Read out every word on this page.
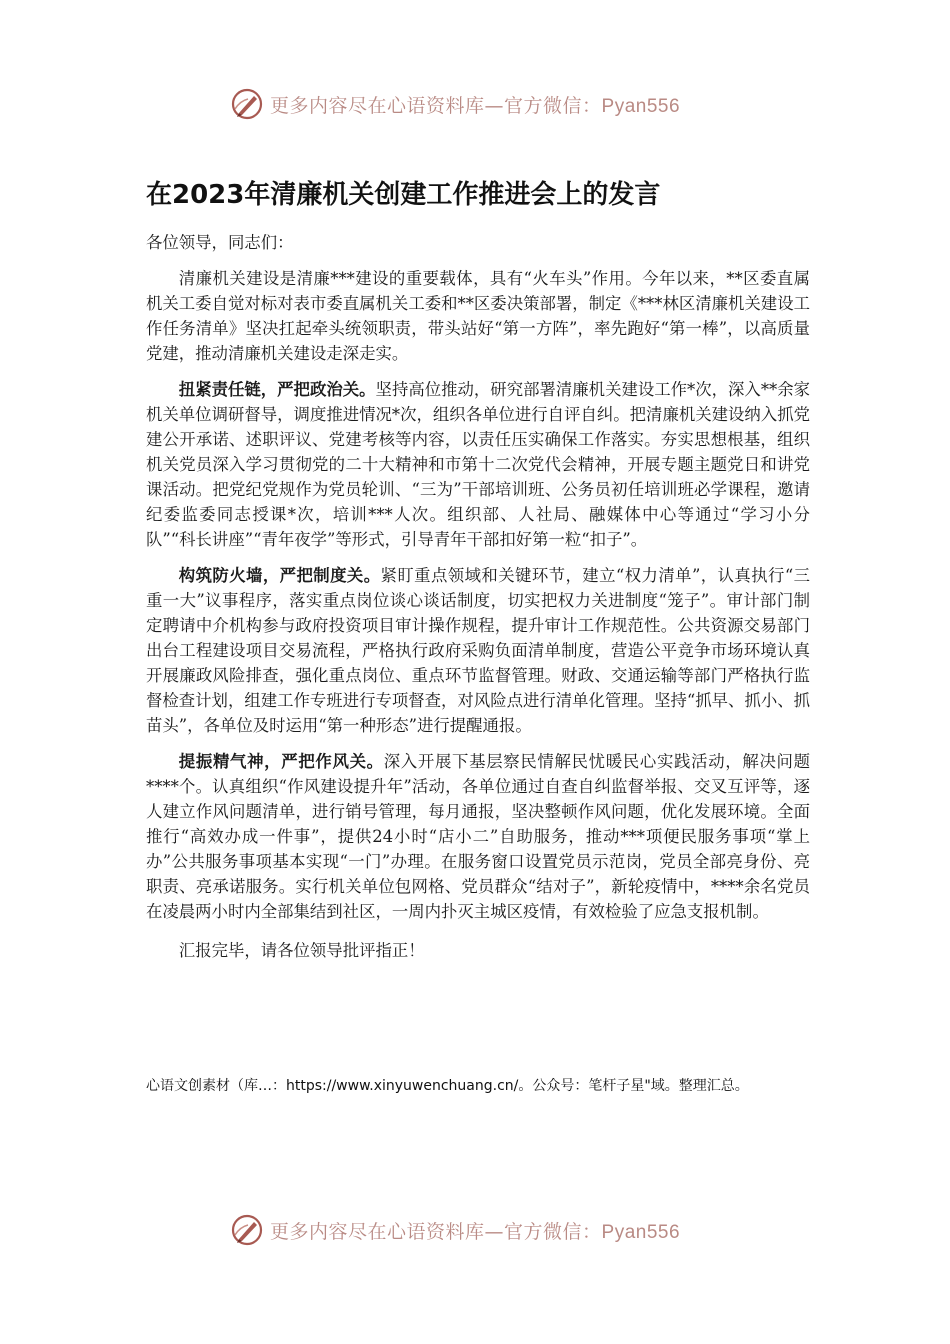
更多内容尽在心语资料库—官方微信：Pyan556
在2023年清廉机关创建工作推进会上的发言

各位领导，同志们：

清廉机关建设是清廉***建设的重要载体，具有“火车头”作用。今年以来，**区委直属机关工委自觉对标对表市委直属机关工委和**区委决策部署，制定《***林区清廉机关建设工作任务清单》坚决扛起牵头统领职责，带头站好“第一方阵”，率先跑好“第一棒”，以高质量党建，推动清廉机关建设走深走实。

扭紧责任链，严把政治关。坚持高位推动，研究部署清廉机关建设工作*次，深入**余家机关单位调研督导，调度推进情况*次，组织各单位进行自评自纠。把清廉机关建设纳入抓党建公开承诺、述职评议、党建考核等内容，以责任压实确保工作落实。夯实思想根基，组织机关党员深入学习贯彻党的二十大精神和市第十二次党代会精神，开展专题主题党日和讲党课活动。把党纪党规作为党员轮训、“三为”干部培训班、公务员初任培训班必学课程，邀请纪委监委同志授课*次，培训***人次。组织部、人社局、融媒体中心等通过“学习小分队”“科长讲座”“青年夜学”等形式，引导青年干部扣好第一粒“扣子”。

构筑防火墙，严把制度关。紧盯重点领域和关键环节，建立“权力清单”，认真执行“三重一大”议事程序，落实重点岗位谈心谈话制度，切实把权力关进制度“笼子”。审计部门制定聘请中介机构参与政府投资项目审计操作规程，提升审计工作规范性。公共资源交易部门出台工程建设项目交易流程，严格执行政府采购负面清单制度，营造公平竞争市场环境认真开展廉政风险排查，强化重点岗位、重点环节监督管理。财政、交通运输等部门严格执行监督检查计划，组建工作专班进行专项督查，对风险点进行清单化管理。坚持“抓早、抓小、抓苗头”，各单位及时运用“第一种形态”进行提醒通报。

提振精气神，严把作风关。深入开展下基层察民情解民忧暖民心实践活动，解决问题****个。认真组织“作风建设提升年”活动，各单位通过自查自纠监督举报、交叉互评等，逐人建立作风问题清单，进行销号管理，每月通报，坚决整顿作风问题，优化发展环境。全面推行“高效办成一件事”，提供24小时“店小二”自助服务，推动***项便民服务事项“掌上办”公共服务事项基本实现“一门”办理。在服务窗口设置党员示范岗，党员全部亮身份、亮职责、亮承诺服务。实行机关单位包网格、党员群众“结对子”，新轮疫情中，****余名党员在凌晨两小时内全部集结到社区，一周内扑灭主城区疫情，有效检验了应急支报机制。

汇报完毕，请各位领导批评指正！

心语文创素材（库…：https://www.xinyuwenchuang.cn/。公众号：笔杆子星"域。整理汇总。
更多内容尽在心语资料库—官方微信：Pyan556
